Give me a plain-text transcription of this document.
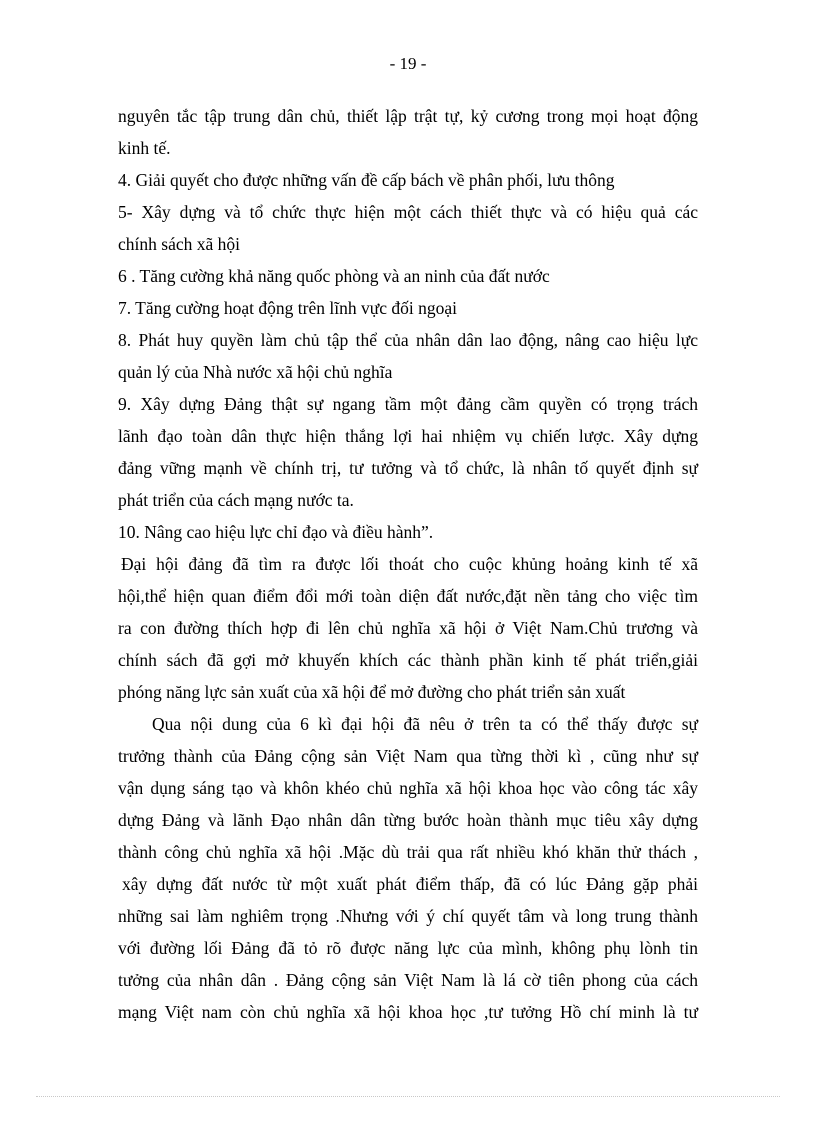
- 19 -
nguyên tắc tập trung dân chủ, thiết lập trật tự, kỷ cương trong mọi hoạt động
kinh tế.
4. Giải quyết cho được những vấn đề cấp bách về phân phối, lưu thông
5- Xây dựng và tổ chức thực hiện một cách thiết thực và có hiệu quả các
chính sách xã hội
6 . Tăng cường khả năng quốc phòng và an ninh của đất nước
7. Tăng cường hoạt động trên lĩnh vực đối ngoại
8. Phát huy quyền làm chủ tập thể của nhân dân lao động, nâng cao hiệu lực
quản lý của Nhà nước xã hội chủ nghĩa
9. Xây dựng Đảng thật sự ngang tầm một đảng cầm quyền có trọng trách
lãnh đạo toàn dân thực hiện thắng lợi hai nhiệm vụ chiến lược. Xây dựng
đảng vững mạnh về chính trị, tư tưởng và tổ chức, là nhân tố quyết định sự
phát triển của cách mạng nước ta.
10. Nâng cao hiệu lực chỉ đạo và điều hành”.
Đại hội đảng đã tìm ra được lối thoát cho cuộc khủng hoảng kinh tế xã
hội,thể hiện quan điểm đổi mới toàn diện đất nước,đặt nền tảng cho việc tìm
ra con đường thích hợp đi lên chủ nghĩa xã hội ở Việt Nam.Chủ trương và
chính sách đã gợi mở khuyến khích các thành phần kinh tế phát triển,giải
phóng năng lực sản xuất của xã hội để mở đường cho phát triển sản xuất
Qua nội dung của 6 kì đại hội đã nêu ở trên ta có thể thấy được sự
trưởng thành của Đảng cộng sản Việt Nam qua từng thời kì , cũng như sự
vận dụng sáng tạo và khôn khéo chủ nghĩa xã hội khoa học vào công tác xây
dựng Đảng và lãnh Đạo nhân dân từng bước hoàn thành mục tiêu xây dựng
thành công chủ nghĩa xã hội .Mặc dù trải qua rất nhiều khó khăn thử thách ,
xây dựng đất nước từ một xuất phát điểm thấp, đã có lúc Đảng gặp phải
những sai làm nghiêm trọng .Nhưng với ý chí quyết tâm và long trung thành
với đường lối Đảng đã tỏ rõ được năng lực của mình, không phụ lònh tin
tưởng của nhân dân . Đảng cộng sản Việt Nam là lá cờ tiên phong của cách
mạng Việt nam còn chủ nghĩa xã hội khoa học ,tư tưởng Hồ chí minh là tư
